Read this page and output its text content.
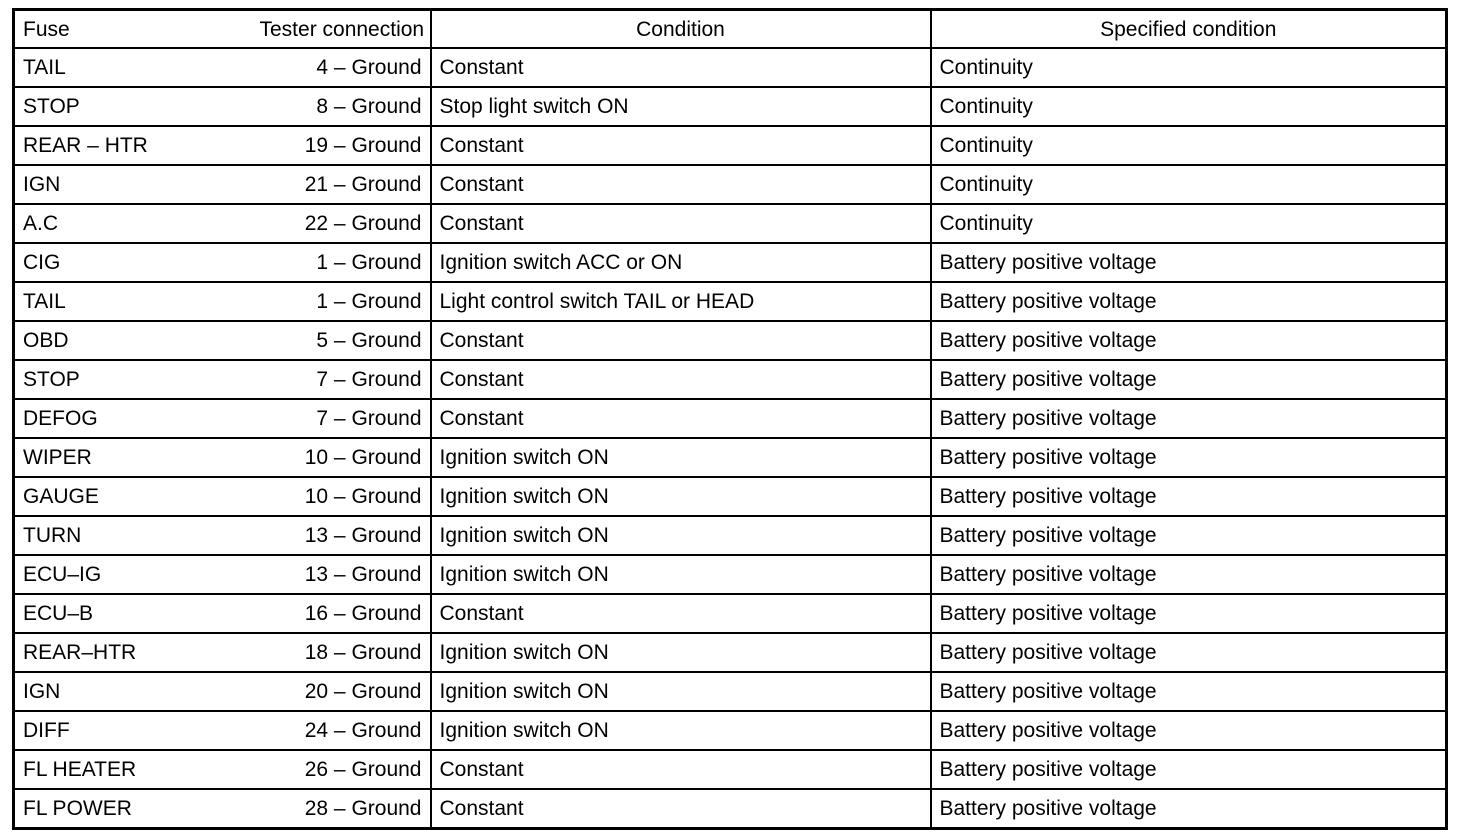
Fuse	Tester connection	Condition	Specified condition
TAIL	4 – Ground	Constant	Continuity
STOP	8 – Ground	Stop light switch ON	Continuity
REAR – HTR	19 – Ground	Constant	Continuity
IGN	21 – Ground	Constant	Continuity
A.C	22 – Ground	Constant	Continuity
CIG	1 – Ground	Ignition switch ACC or ON	Battery positive voltage
TAIL	1 – Ground	Light control switch TAIL or HEAD	Battery positive voltage
OBD	5 – Ground	Constant	Battery positive voltage
STOP	7 – Ground	Constant	Battery positive voltage
DEFOG	7 – Ground	Constant	Battery positive voltage
WIPER	10 – Ground	Ignition switch ON	Battery positive voltage
GAUGE	10 – Ground	Ignition switch ON	Battery positive voltage
TURN	13 – Ground	Ignition switch ON	Battery positive voltage
ECU–IG	13 – Ground	Ignition switch ON	Battery positive voltage
ECU–B	16 – Ground	Constant	Battery positive voltage
REAR–HTR	18 – Ground	Ignition switch ON	Battery positive voltage
IGN	20 – Ground	Ignition switch ON	Battery positive voltage
DIFF	24 – Ground	Ignition switch ON	Battery positive voltage
FL HEATER	26 – Ground	Constant	Battery positive voltage
FL POWER	28 – Ground	Constant	Battery positive voltage
